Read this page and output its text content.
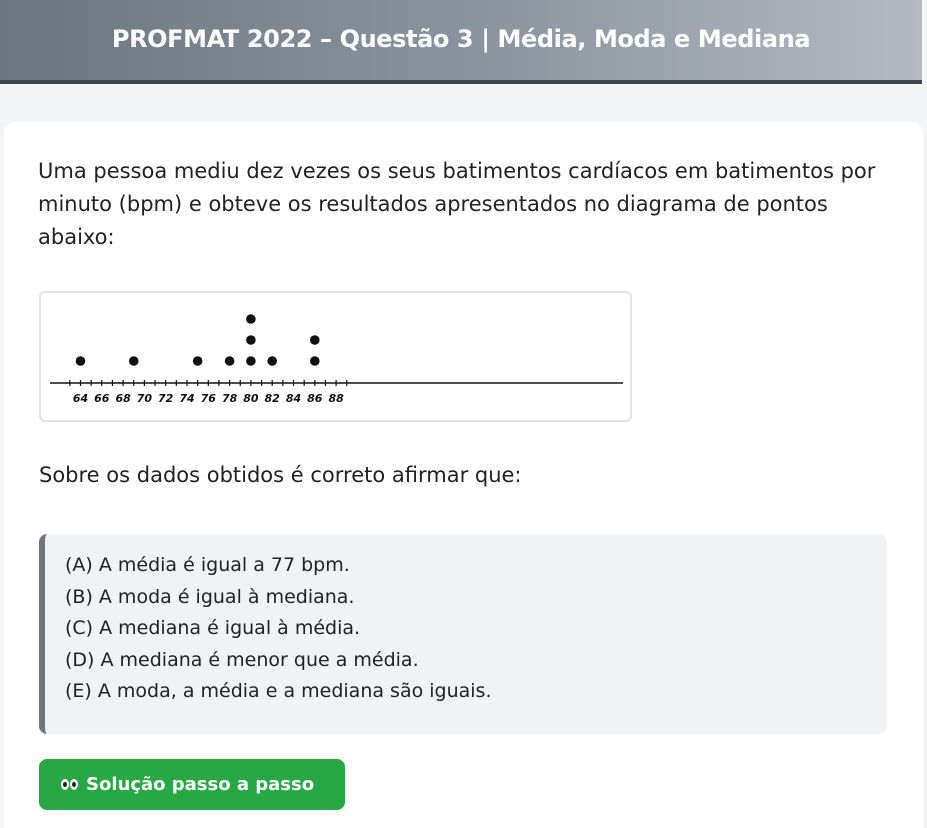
PROFMAT 2022 – Questão 3 | Média, Moda e Mediana

Uma pessoa mediu dez vezes os seus batimentos cardíacos em batimentos por minuto (bpm) e obteve os resultados apresentados no diagrama de pontos abaixo:

64 66 68 70 72 74 76 78 80 82 84 86 88

Sobre os dados obtidos é correto afirmar que:

(A) A média é igual a 77 bpm.
(B) A moda é igual à mediana.
(C) A mediana é igual à média.
(D) A mediana é menor que a média.
(E) A moda, a média e a mediana são iguais.
Solução passo a passo
